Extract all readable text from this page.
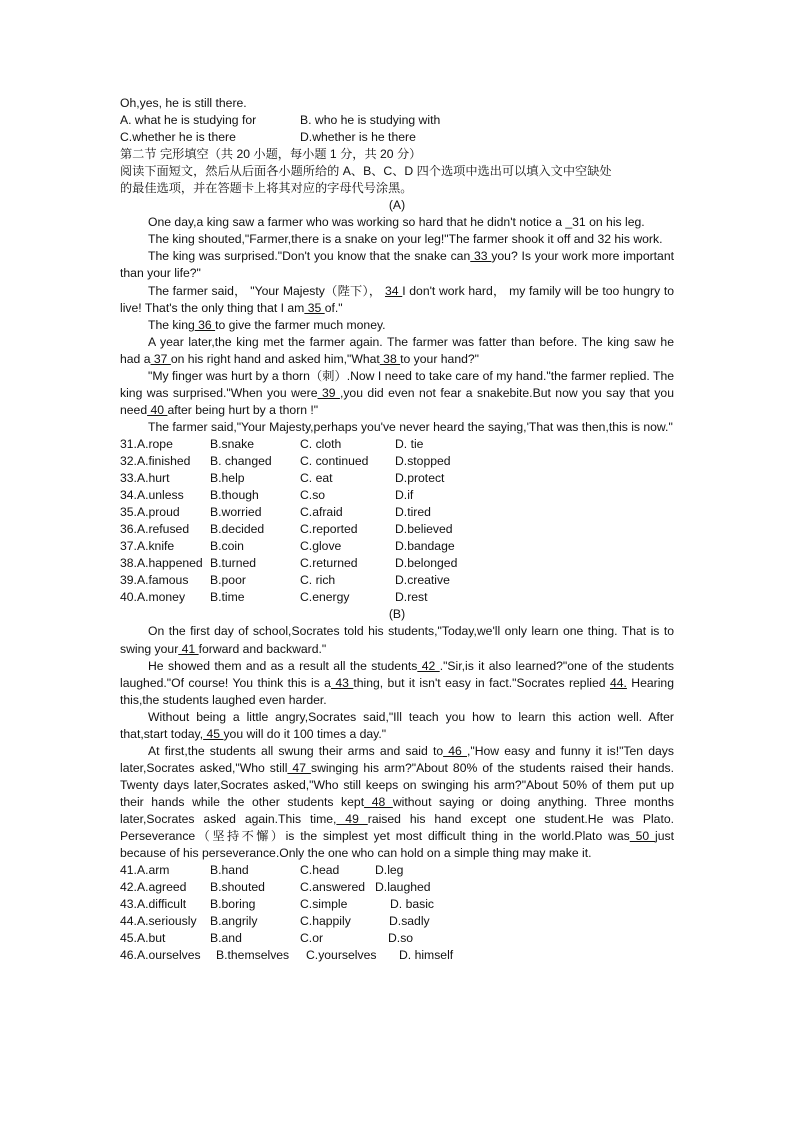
Oh,yes, he is still there.
A. what he is studying for	B. who he is studying with
C.whether he is there	D.whether is he there
第二节 完形填空（共 20 小题，每小题 1 分，共 20 分）
阅读下面短文，然后从后面各小题所给的 A、B、C、D 四个选项中选出可以填入文中空缺处
的最佳选项，并在答题卡上将其对应的字母代号涂黑。
(A)
One day,a king saw a farmer who was working so hard that he didn't notice a _31 on his leg.
The king shouted,"Farmer,there is a snake on your leg!"The farmer shook it off and 32 his work.
The king was surprised."Don't you know that the snake can 33 you? Is your work more important than your life?"
The farmer said， "Your Majesty（陛下）， 34 I don't work hard， my family will be too hungry to live! That's the only thing that I am 35 of."
The king 36 to give the farmer much money.
A year later,the king met the farmer again. The farmer was fatter than before. The king saw he had a 37 on his right hand and asked him,"What 38 to your hand?"
"My finger was hurt by a thorn（刺）.Now I need to take care of my hand."the farmer replied. The king was surprised."When you were 39 ,you did even not fear a snakebite.But now you say that you need 40 after being hurt by a thorn !"
The farmer said,"Your Majesty,perhaps you've never heard the saying,'That was then,this is now."
31.A.rope	B.snake	C. cloth	D. tie
32.A.finished	B. changed	C. continued	D.stopped
33.A.hurt	B.help	C. eat	D.protect
34.A.unless	B.though	C.so	D.if
35.A.proud	B.worried	C.afraid	D.tired
36.A.refused	B.decided	C.reported	D.believed
37.A.knife	B.coin	C.glove	D.bandage
38.A.happened B.turned	C.returned	D.belonged
39.A.famous	B.poor	C. rich	D.creative
40.A.money	B.time	C.energy	D.rest
(B)
On the first day of school,Socrates told his students,"Today,we'll only learn one thing. That is to swing your 41 forward and backward."
He showed them and as a result all the students 42 ."Sir,is it also learned?"one of the students laughed."Of course! You think this is a 43 thing, but it isn't easy in fact."Socrates replied 44. Hearing this,the students laughed even harder.
Without being a little angry,Socrates said,"Ill teach you how to learn this action well. After that,start today, 45 you will do it 100 times a day."
At first,the students all swung their arms and said to 46 ,"How easy and funny it is!"Ten days later,Socrates asked,"Who still 47 swinging his arm?"About 80% of the students raised their hands. Twenty days later,Socrates asked,"Who still keeps on swinging his arm?"About 50% of them put up their hands while the other students kept 48 without saying or doing anything. Three months later,Socrates asked again.This time, 49 raised his hand except one student.He was Plato. Perseverance（坚持不懈）is the simplest yet most difficult thing in the world.Plato was 50 just because of his perseverance.Only the one who can hold on a simple thing may make it.
41.A.arm	B.hand	C.head	D.leg
42.A.agreed	B.shouted	C.answered D.laughed
43.A.difficult	B.boring	C.simple	D. basic
44.A.seriously	B.angrily	C.happily	D.sadly
45.A.but	B.and	C.or	D.so
46.A.ourselves	B.themselves	C.yourselves	D. himself
